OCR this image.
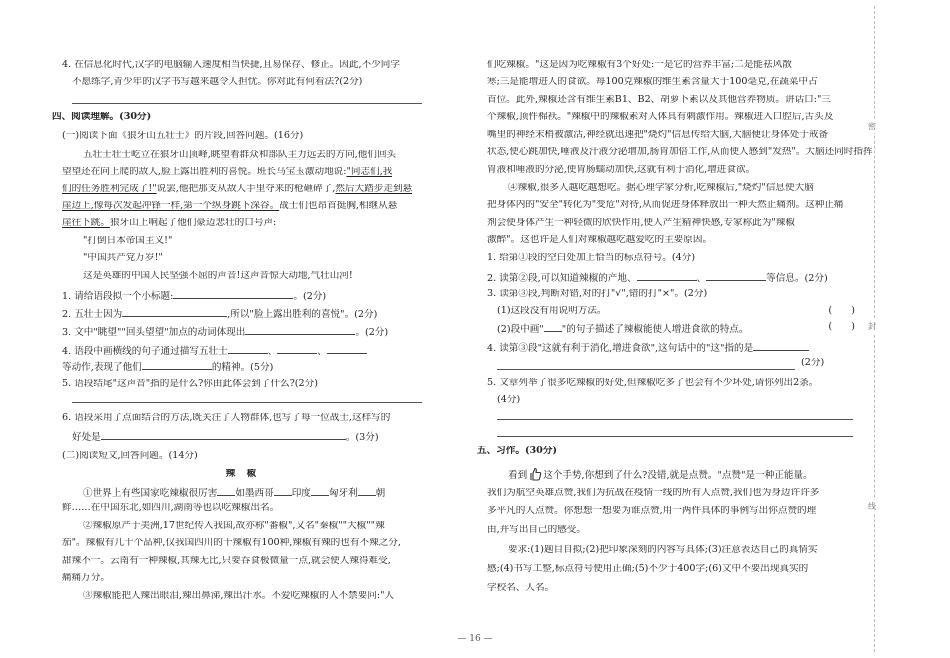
4. 在信息化时代,汉字的电脑输入速度相当快捷,且易保存、修正。因此,不少同学
不愿练字,青少年的汉字书写越来越令人担忧。你对此有何看法?(2分)
四、阅读理解。(30分)
(一)阅读下面《狼牙山五壮士》的片段,回答问题。(16分)
五壮士壮士屹立在狼牙山顶峰,眺望着群众和部队主力远去的方向,他们回头
望望还在向上爬的敌人,脸上露出胜利的喜悦。班长马宝玉激动地说:"同志们,我
们的任务胜利完成了!"说罢,他把那支从敌人手里夺来的枪砸碎了,然后大踏步走到悬
崖边上,像每次发起冲锋一样,第一个纵身跳下深谷。战士们也昂首挺胸,相继从悬
崖往下跳。狼牙山上响起了他们豪迈悲壮的口号声:
"打倒日本帝国主义!"
"中国共产党万岁!"
这是英雄的中国人民坚强不屈的声音!这声音惊天动地,气壮山河!
1. 请给语段拟一个小标题:	。(2分)
2. 五壮士因为	,所以"脸上露出胜利的喜悦"。(2分)
3. 文中"眺望""回头望望"加点的动词体现出	。(2分)
4. 语段中画横线的句子通过描写五壮士	、	、
等动作,表现了他们	的精神。(5分)
5. 语段结尾"这声音"指的是什么?你由此体会到了什么?(2分)
6. 语段采用了点面结合的方法,既关注了人物群体,也写了每一位战士,这样写的
好处是	。(3分)
(二)阅读短文,回答问题。(14分)
辣 椒
①世界上有些国家吃辣椒很厉害 如墨西哥 印度 匈牙利 朝
鲜……在中国东北,如四川,湖南等也以吃辣椒出名。
②辣椒原产于美洲,17世纪传入我国,故亦称"番椒",又名"秦椒""大椒""辣
茄"。辣椒有几十个品种,仅我国四川的干辣椒有100种,辣椒有辣的也有不辣之分,
甜辣不一。云南有一种辣椒,其辣无比,只要吞食极微量一点,就会使人辣得难受,
痛痛万分。
③辣椒能把人辣出眼泪,辣出鼻涕,辣出汗水。不爱吃辣椒的人不禁要问:"人
们吃辣椒。"这是因为吃辣椒有3个好处:一是它的营养丰富;二是能祛风散
寒;三是能增进人的食欲。每100克辣椒的维生素含量大于100毫克,在蔬菜中占
首位。此外,辣椒还含有维生素B1、B2、胡萝卜素以及其他营养物质。讲话口:"三
个辣椒,顶件棉袄。"辣椒中的辣椒素对人体具有刺激作用。辣椒进入口腔后,舌头及
嘴里的神经末梢被激活,神经就迅速把"烧灼"信息传给大脑,大脑便让身体处于戒备
状态,使心跳加快,唾液及汗液分泌增加,肠胃加倍工作,从而使人感到"发热"。大脑还同时指挥
胃液和唾液的分泌,使胃肠蠕动加快,这就有利于消化,增进食欲。
④辣椒,很多人越吃越想吃。据心理学家分析,吃辣椒后,"烧灼"信息使大脑
把身体内的"安全"转化为"变危"对待,从而促进身体释放出一种天然止痛剂。这种止痛
剂会使身体产生一种轻微的欣快作用,使人产生精神快感,专家称此为"辣椒
激醉"。这也许是人们对辣椒越吃越爱吃的主要原因。
1. 给第①段的空白处加上恰当的标点符号。(4分)
2. 读第②段,可以知道辣椒的产地、	、	等信息。(2分)
3. 读第③段,判断对错,对的打"√",错的打"×"。(2分)
(1)这段没有用说明方法。	(　　)
(2)段中画" "的句子描述了辣椒能使人增进食欲的特点。	(　　)
4. 读第③段"这就有利于消化,增进食欲",这句话中的"这"指的是
(2分)
5. 文章列举了很多吃辣椒的好处,但辣椒吃多了也会有不少坏处,请你列出2条。
(4分)
五、习作。(30分)
看到 这个手势,你想到了什么?没错,就是点赞。"点赞"是一种正能量。
我们为航空英雄点赞,我们为抗战在疫情一线的所有人点赞,我们也为身边许许多
多平凡的人点赞。你想想一想要为谁点赞,用一两件具体的事例写出你点赞的理
由,并写出自己的感受。
要求:(1)题目自拟;(2)把印象深刻的内容写具体;(3)注意表达自己的真情实
感;(4)书写工整,标点符号使用正确;(5)不少于400字;(6)文中不要出现真实的
学校名、人名。
密
封
线
— 16 —
